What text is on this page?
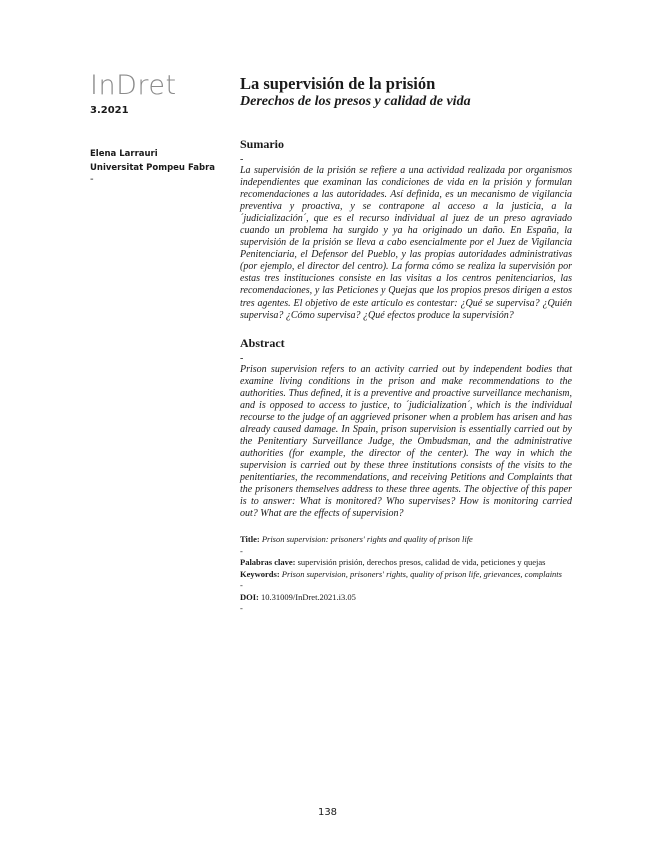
InDret
3.2021
Elena Larrauri
Universitat Pompeu Fabra
-
La supervisión de la prisión
Derechos de los presos y calidad de vida
Sumario

-

La supervisión de la prisión se refiere a una actividad realizada por organismos independientes que examinan las condiciones de vida en la prisión y formulan recomendaciones a las autoridades. Así definida, es un mecanismo de vigilancia preventiva y proactiva, y se contrapone al acceso a la justicia, a la ´judicialización´, que es el recurso individual al juez de un preso agraviado cuando un problema ha surgido y ya ha originado un daño. En España, la supervisión de la prisión se lleva a cabo esencialmente por el Juez de Vigilancia Penitenciaria, el Defensor del Pueblo, y las propias autoridades administrativas (por ejemplo, el director del centro). La forma cómo se realiza la supervisión por estas tres instituciones consiste en las visitas a los centros penitenciarios, las recomendaciones, y las Peticiones y Quejas que los propios presos dirigen a estos tres agentes. El objetivo de este artículo es contestar: ¿Qué se supervisa? ¿Quién supervisa? ¿Cómo supervisa? ¿Qué efectos produce la supervisión?

Abstract

-

Prison supervision refers to an activity carried out by independent bodies that examine living conditions in the prison and make recommendations to the authorities. Thus defined, it is a preventive and proactive surveillance mechanism, and is opposed to access to justice, to ´judicialization´, which is the individual recourse to the judge of an aggrieved prisoner when a problem has arisen and has already caused damage. In Spain, prison supervision is essentially carried out by the Penitentiary Surveillance Judge, the Ombudsman, and the administrative authorities (for example, the director of the center). The way in which the supervision is carried out by these three institutions consists of the visits to the penitentiaries, the recommendations, and receiving Petitions and Complaints that the prisoners themselves address to these three agents. The objective of this paper is to answer: What is monitored? Who supervises? How is monitoring carried out? What are the effects of supervision?

Title: Prison supervision: prisoners' rights and quality of prison life

-

Palabras clave: supervisión prisión, derechos presos, calidad de vida, peticiones y quejas

Keywords: Prison supervision, prisoners' rights, quality of prison life, grievances, complaints

-

DOI: 10.31009/InDret.2021.i3.05

-

138
